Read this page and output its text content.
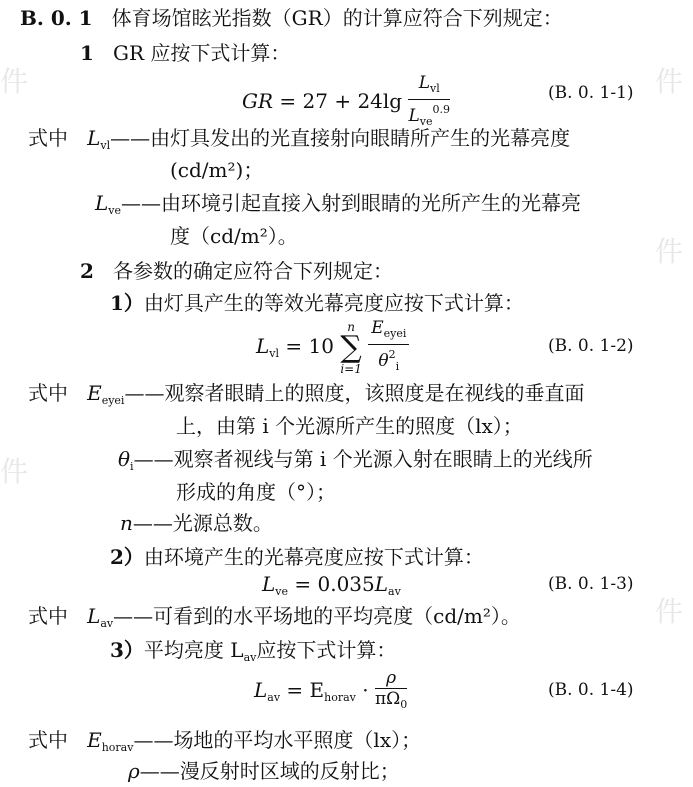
件
件
件
件
件
B. 0. 1 体育场馆眩光指数（GR）的计算应符合下列规定：
1 GR 应按下式计算：
GR = $27 + 24\lg \frac{L_{vl}}{L_{ve}^{0.9}}$	(B. 0. 1-1)
式中 $L_{vl}——$由灯具发出的光直接射向眼睛所产生的光幕亮度
(cd/m²)；
$L_{ve}——$由环境引起直接入射到眼睛的光所产生的光幕亮
度（cd/m²）。
2 各参数的确定应符合下列规定：
1）由灯具产生的等效光幕亮度应按下式计算：
$L_{vl} = 10$ n
∑
$i=1 \frac{E_{eyei}}{\theta^2_i}$	(B. 0. 1-2)
式中 $E_{eyei}——$观察者眼睛上的照度，该照度是在视线的垂直面
上，由第 i 个光源所产生的照度（lx）；
$\theta_i——$观察者视线与第 i 个光源入射在眼睛上的光线所
形成的角度（°）；
n——光源总数。
2）由环境产生的光幕亮度应按下式计算：
$L_{ve} = 0.035L_{av}$	(B. 0. 1-3)
式中 $L_{av}——$可看到的水平场地的平均亮度（cd/m²）。
3）平均亮度 $L_{av}$应按下式计算：
$L_{av} = E_{horav} \cdot \frac{\rho}{\pi\Omega_0}$	(B. 0. 1-4)
式中 $E_{horav}——$场地的平均水平照度（lx）；
ρ——漫反射时区域的反射比；
